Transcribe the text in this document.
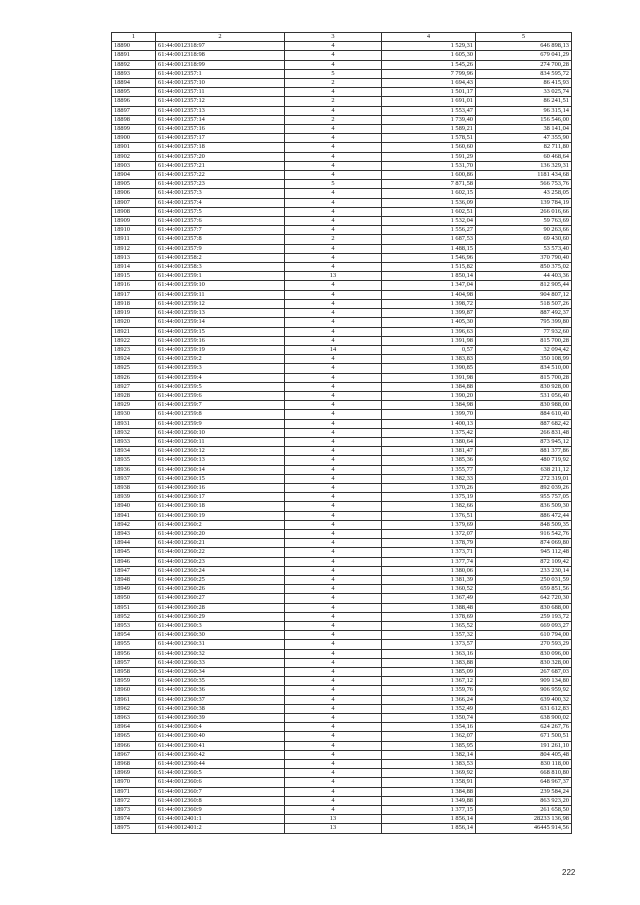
1	2	3	4	5
18890	61:44:0012318:97	4	1 529,31	646 898,13
18891	61:44:0012318:98	4	1 605,30	679 041,29
18892	61:44:0012318:99	4	1 545,26	274 700,28
18893	61:44:0012357:1	5	7 799,96	834 595,72
18894	61:44:0012357:10	2	1 694,43	86 415,93
18895	61:44:0012357:11	4	1 501,17	33 025,74
18896	61:44:0012357:12	2	1 691,01	86 241,51
18897	61:44:0012357:13	4	1 553,47	96 315,14
18898	61:44:0012357:14	2	1 739,40	156 546,00
18899	61:44:0012357:16	4	1 589,21	38 141,04
18900	61:44:0012357:17	4	1 578,51	47 355,90
18901	61:44:0012357:18	4	1 560,60	82 711,80
18902	61:44:0012357:20	4	1 591,29	60 468,64
18903	61:44:0012357:21	4	1 531,70	136 329,31
18904	61:44:0012357:22	4	1 600,86	1181 434,68
18905	61:44:0012357:23	5	7 871,58	566 753,76
18906	61:44:0012357:3	4	1 602,15	43 258,05
18907	61:44:0012357:4	4	1 536,09	139 784,19
18908	61:44:0012357:5	4	1 602,51	266 016,66
18909	61:44:0012357:6	4	1 532,04	59 763,69
18910	61:44:0012357:7	4	1 556,27	90 263,66
18911	61:44:0012357:8	2	1 687,53	69 430,60
18912	61:44:0012357:9	4	1 488,15	53 573,40
18913	61:44:0012358:2	4	1 546,96	370 790,40
18914	61:44:0012358:3	4	1 515,82	850 375,02
18915	61:44:0012359:1	13	1 850,14	44 403,36
18916	61:44:0012359:10	4	1 347,04	812 905,44
18917	61:44:0012359:11	4	1 404,98	904 807,12
18918	61:44:0012359:12	4	1 398,72	518 507,26
18919	61:44:0012359:13	4	1 399,87	887 492,37
18920	61:44:0012359:14	4	1 405,30	795 399,80
18921	61:44:0012359:15	4	1 396,63	77 932,60
18922	61:44:0012359:16	4	1 391,98	815 700,28
18923	61:44:0012359:19	14	0,57	32 094,42
18924	61:44:0012359:2	4	1 383,83	350 108,99
18925	61:44:0012359:3	4	1 390,85	834 510,00
18926	61:44:0012359:4	4	1 391,98	815 700,28
18927	61:44:0012359:5	4	1 384,88	830 928,00
18928	61:44:0012359:6	4	1 390,20	531 056,40
18929	61:44:0012359:7	4	1 384,98	830 988,00
18930	61:44:0012359:8	4	1 399,70	884 610,40
18931	61:44:0012359:9	4	1 400,13	887 682,42
18932	61:44:0012360:10	4	1 375,42	266 831,48
18933	61:44:0012360:11	4	1 380,64	873 945,12
18934	61:44:0012360:12	4	1 381,47	881 377,86
18935	61:44:0012360:13	4	1 385,36	480 719,92
18936	61:44:0012360:14	4	1 355,77	638 211,12
18937	61:44:0012360:15	4	1 382,33	272 319,01
18938	61:44:0012360:16	4	1 370,26	892 039,26
18939	61:44:0012360:17	4	1 375,19	955 757,05
18940	61:44:0012360:18	4	1 382,66	836 509,30
18941	61:44:0012360:19	4	1 376,51	886 472,44
18942	61:44:0012360:2	4	1 379,69	848 509,35
18943	61:44:0012360:20	4	1 372,07	916 542,76
18944	61:44:0012360:21	4	1 378,79	874 069,80
18945	61:44:0012360:22	4	1 373,71	945 112,48
18946	61:44:0012360:23	4	1 377,74	872 109,42
18947	61:44:0012360:24	4	1 380,06	233 230,14
18948	61:44:0012360:25	4	1 381,39	250 031,59
18949	61:44:0012360:26	4	1 360,52	659 851,56
18950	61:44:0012360:27	4	1 367,49	642 720,30
18951	61:44:0012360:28	4	1 388,48	830 688,00
18952	61:44:0012360:29	4	1 378,69	259 193,72
18953	61:44:0012360:3	4	1 365,52	669 093,27
18954	61:44:0012360:30	4	1 357,32	610 794,00
18955	61:44:0012360:31	4	1 373,57	270 593,29
18956	61:44:0012360:32	4	1 363,16	830 096,00
18957	61:44:0012360:33	4	1 383,88	830 328,00
18958	61:44:0012360:34	4	1 385,09	267 687,03
18959	61:44:0012360:35	4	1 367,12	909 134,80
18960	61:44:0012360:36	4	1 359,76	906 959,92
18961	61:44:0012360:37	4	1 366,24	639 400,32
18962	61:44:0012360:38	4	1 352,49	631 612,83
18963	61:44:0012360:39	4	1 350,74	638 900,02
18964	61:44:0012360:4	4	1 354,16	624 267,76
18965	61:44:0012360:40	4	1 362,07	671 500,51
18966	61:44:0012360:41	4	1 385,95	191 261,10
18967	61:44:0012360:42	4	1 382,14	804 405,48
18968	61:44:0012360:44	4	1 383,53	830 118,00
18969	61:44:0012360:5	4	1 369,92	668 810,80
18970	61:44:0012360:6	4	1 358,91	648 967,37
18971	61:44:0012360:7	4	1 384,88	239 584,24
18972	61:44:0012360:8	4	1 349,88	863 923,20
18973	61:44:0012360:9	4	1 377,15	261 658,50
18974	61:44:0012401:1	13	1 856,14	28233 136,98
18975	61:44:0012401:2	13	1 856,14	46445 914,56
222
